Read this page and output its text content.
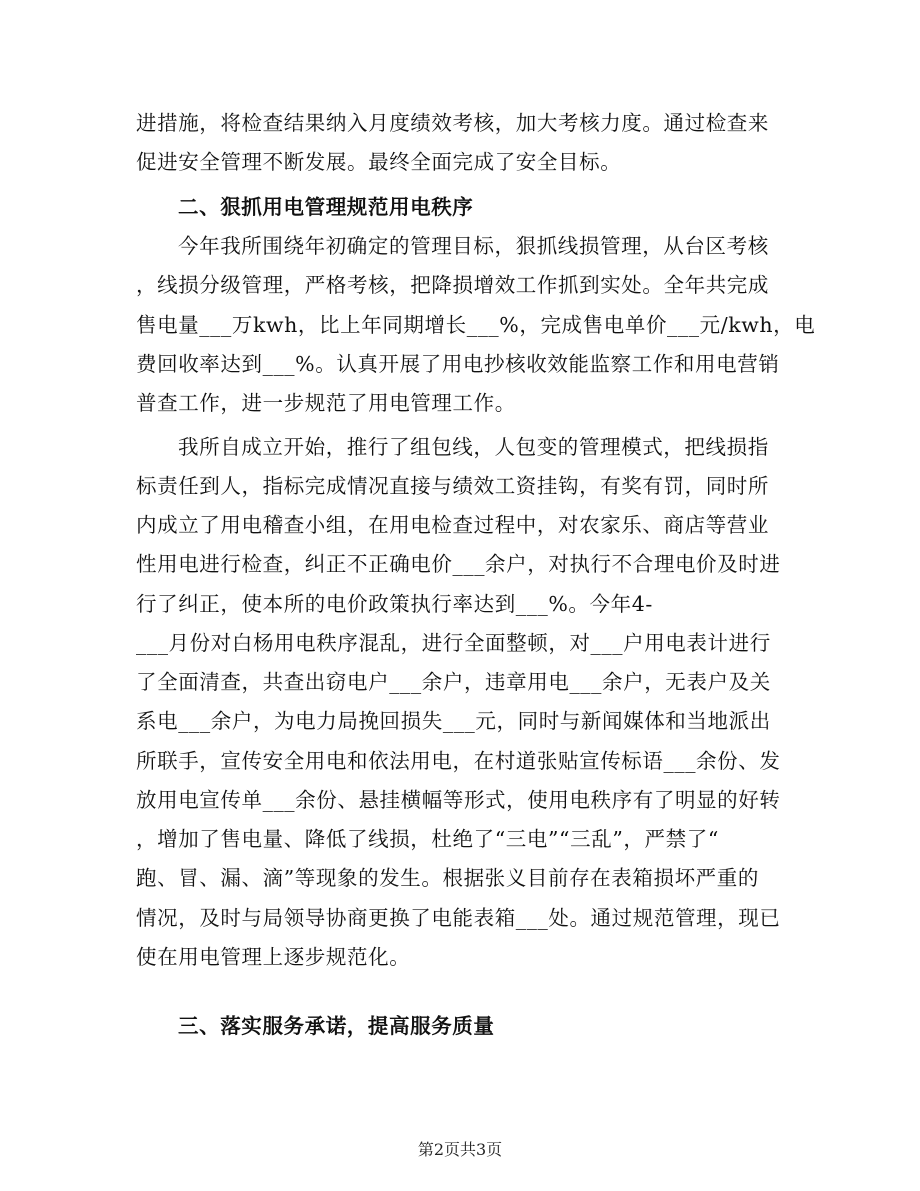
进措施，将检查结果纳入月度绩效考核，加大考核力度。通过检查来
促进安全管理不断发展。最终全面完成了安全目标。
二、狠抓用电管理规范用电秩序
今年我所围绕年初确定的管理目标，狠抓线损管理，从台区考核
，线损分级管理，严格考核，把降损增效工作抓到实处。全年共完成
售电量___万kwh，比上年同期增长___%，完成售电单价___元/kwh，电
费回收率达到___%。认真开展了用电抄核收效能监察工作和用电营销
普查工作，进一步规范了用电管理工作。
我所自成立开始，推行了组包线，人包变的管理模式，把线损指
标责任到人，指标完成情况直接与绩效工资挂钩，有奖有罚，同时所
内成立了用电稽查小组，在用电检查过程中，对农家乐、商店等营业
性用电进行检查，纠正不正确电价___余户，对执行不合理电价及时进
行了纠正，使本所的电价政策执行率达到___%。今年4-
___月份对白杨用电秩序混乱，进行全面整顿，对___户用电表计进行
了全面清查，共查出窃电户___余户，违章用电___余户，无表户及关
系电___余户，为电力局挽回损失___元，同时与新闻媒体和当地派出
所联手，宣传安全用电和依法用电，在村道张贴宣传标语___余份、发
放用电宣传单___余份、悬挂横幅等形式，使用电秩序有了明显的好转
，增加了售电量、降低了线损，杜绝了“三电”“三乱”，严禁了“
跑、冒、漏、滴”等现象的发生。根据张义目前存在表箱损坏严重的
情况，及时与局领导协商更换了电能表箱___处。通过规范管理，现已
使在用电管理上逐步规范化。
三、落实服务承诺，提高服务质量
第2页共3页
